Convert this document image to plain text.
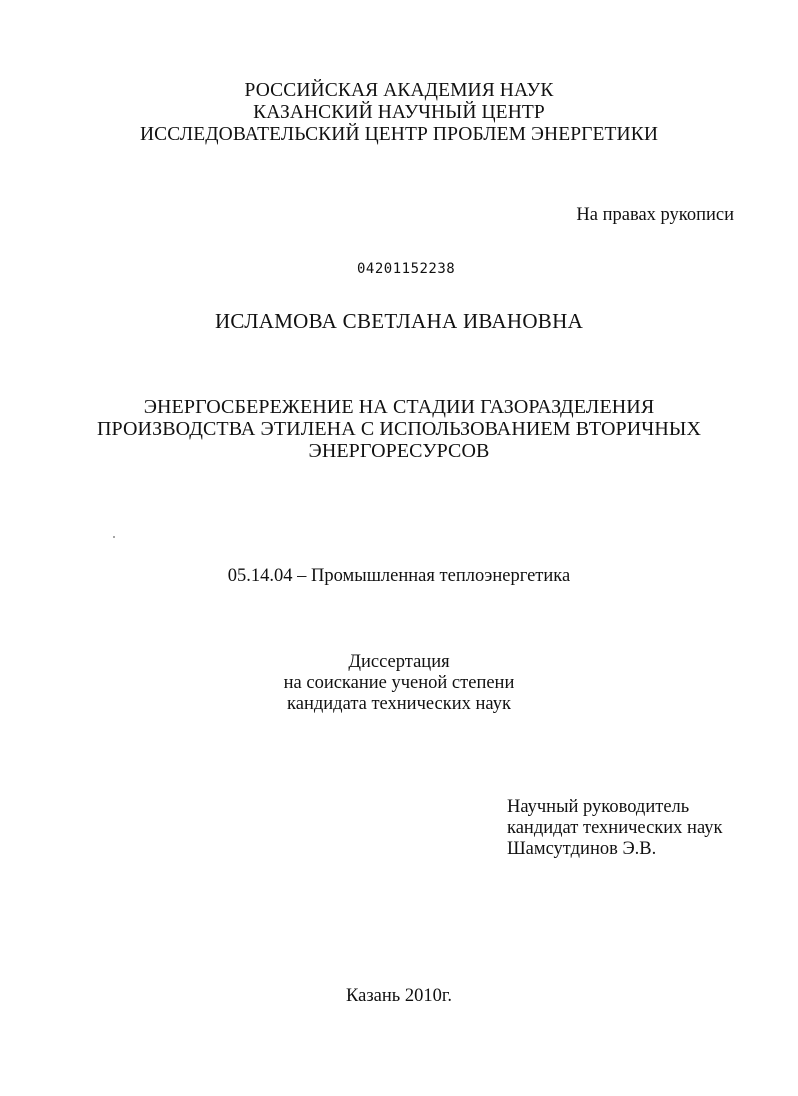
РОССИЙСКАЯ АКАДЕМИЯ НАУК
КАЗАНСКИЙ НАУЧНЫЙ ЦЕНТР
ИССЛЕДОВАТЕЛЬСКИЙ ЦЕНТР ПРОБЛЕМ ЭНЕРГЕТИКИ
На правах рукописи
04201152238
ИСЛАМОВА СВЕТЛАНА ИВАНОВНА
ЭНЕРГОСБЕРЕЖЕНИЕ НА СТАДИИ ГАЗОРАЗДЕЛЕНИЯ
ПРОИЗВОДСТВА ЭТИЛЕНА С ИСПОЛЬЗОВАНИЕМ ВТОРИЧНЫХ
ЭНЕРГОРЕСУРСОВ
05.14.04 – Промышленная теплоэнергетика
Диссертация
на соискание ученой степени
кандидата технических наук
Научный руководитель
кандидат технических наук
Шамсутдинов Э.В.
Казань 2010г.
